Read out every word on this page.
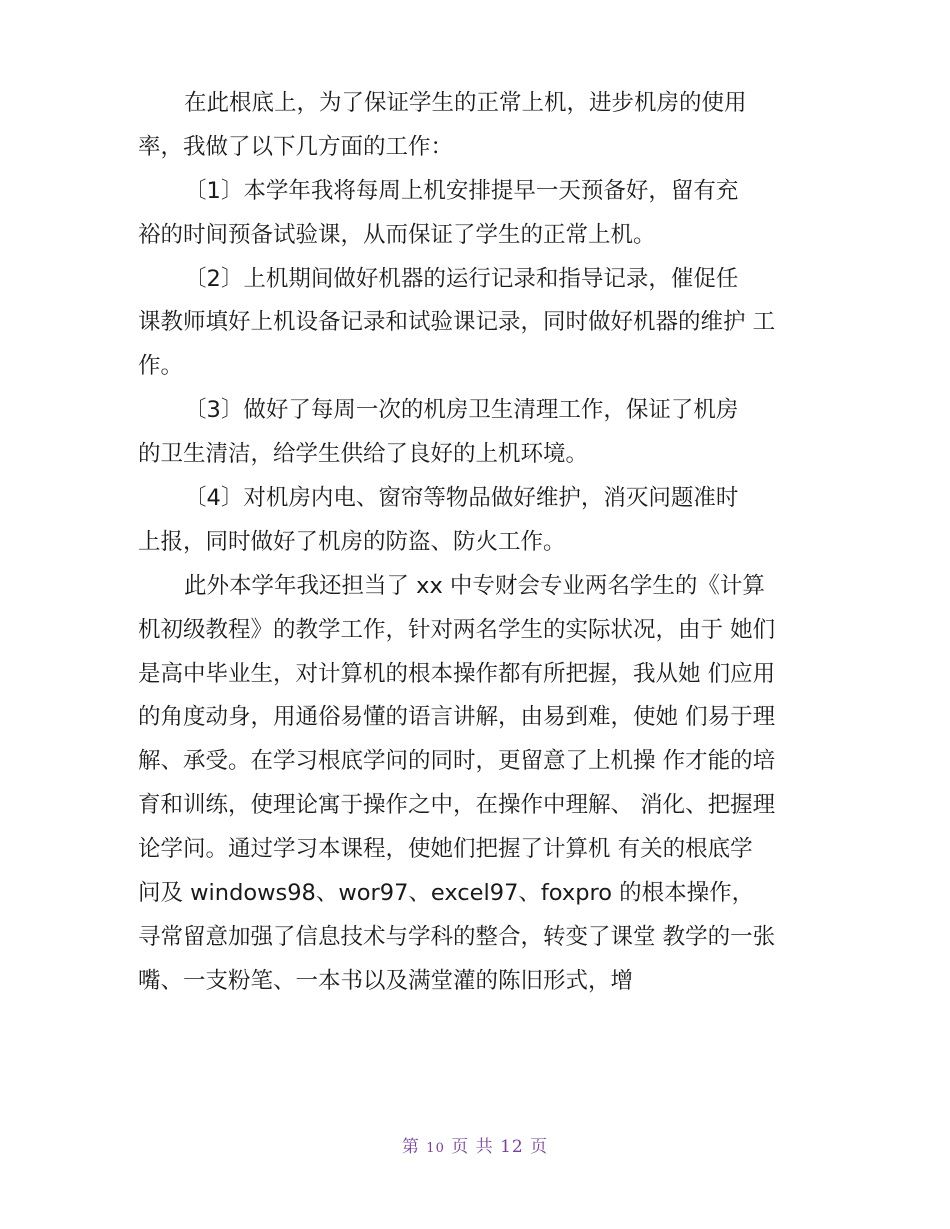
在此根底上，为了保证学生的正常上机，进步机房的使用
率，我做了以下几方面的工作：
〔1〕本学年我将每周上机安排提早一天预备好，留有充
裕的时间预备试验课，从而保证了学生的正常上机。
〔2〕上机期间做好机器的运行记录和指导记录，催促任
课教师填好上机设备记录和试验课记录，同时做好机器的维护 工
作。
〔3〕做好了每周一次的机房卫生清理工作，保证了机房
的卫生清洁，给学生供给了良好的上机环境。
〔4〕对机房内电、窗帘等物品做好维护，消灭问题准时
上报，同时做好了机房的防盗、防火工作。
此外本学年我还担当了 xx 中专财会专业两名学生的《计算
机初级教程》的教学工作，针对两名学生的实际状况，由于 她们
是高中毕业生，对计算机的根本操作都有所把握，我从她 们应用
的角度动身，用通俗易懂的语言讲解，由易到难，使她 们易于理
解、承受。在学习根底学问的同时，更留意了上机操 作才能的培
育和训练，使理论寓于操作之中，在操作中理解、 消化、把握理
论学问。通过学习本课程，使她们把握了计算机 有关的根底学
问及 windows98、wor97、excel97、foxpro 的根本操作，
寻常留意加强了信息技术与学科的整合，转变了课堂 教学的一张
嘴、一支粉笔、一本书以及满堂灌的陈旧形式，增
第 10 页 共 12 页
